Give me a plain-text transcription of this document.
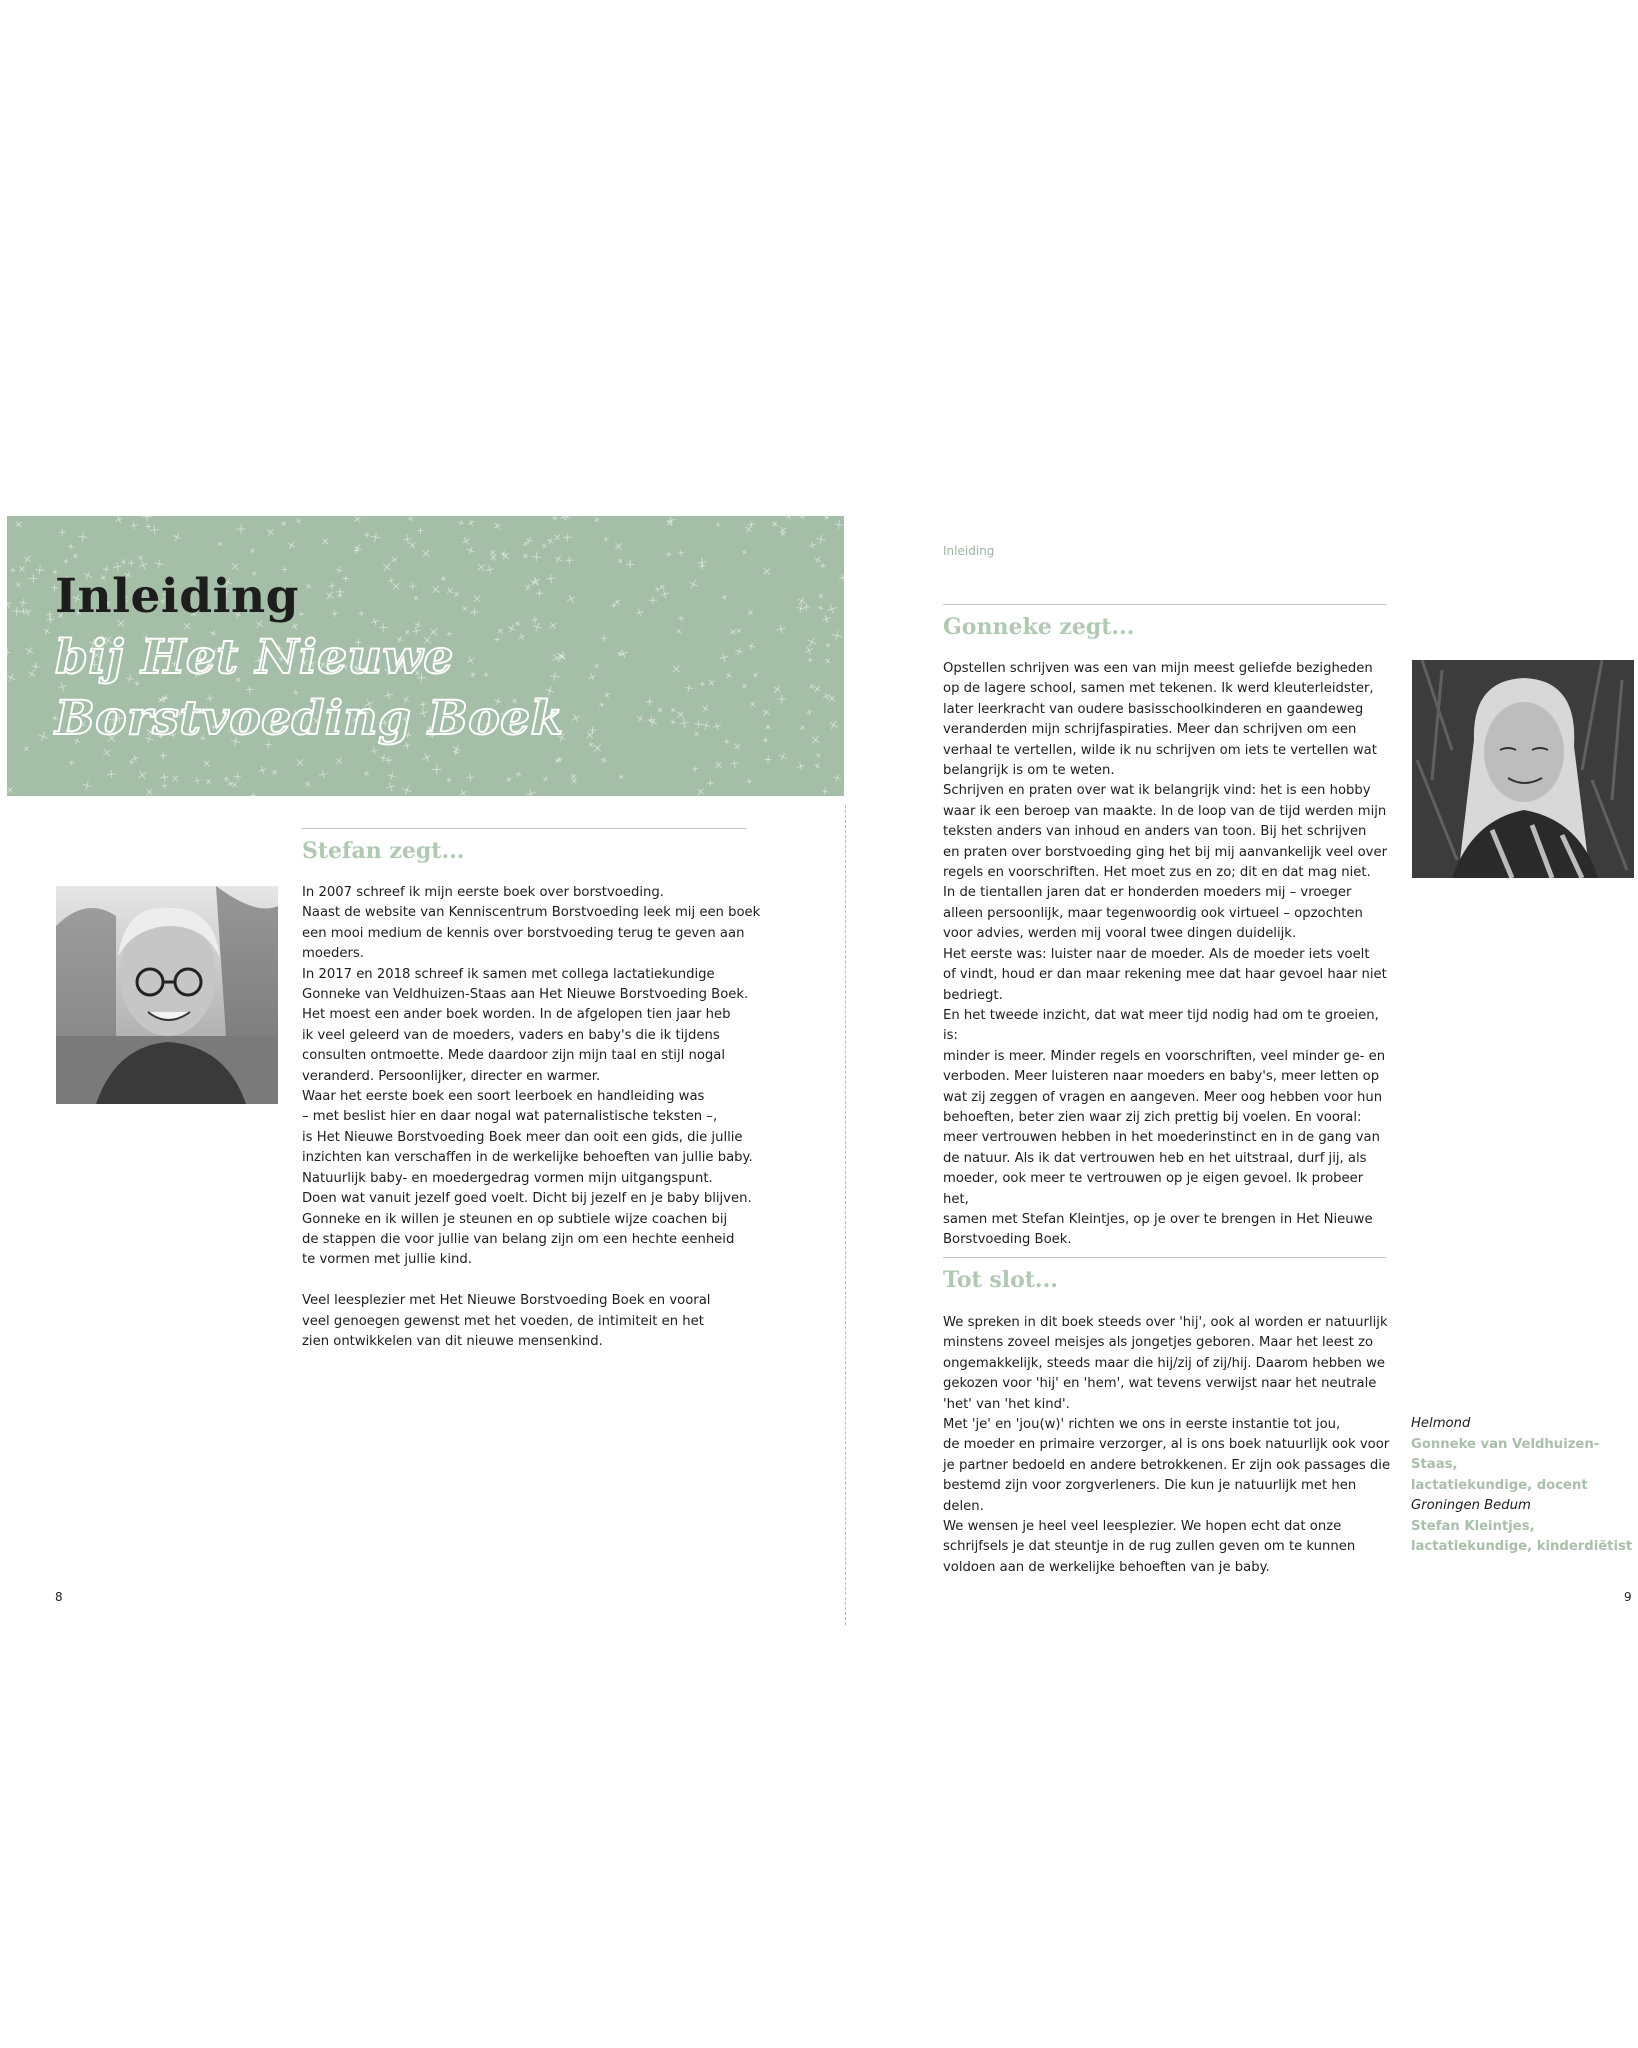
Inleiding
bij Het Nieuwe
Borstvoeding Boek
Stefan zegt...

In 2007 schreef ik mijn eerste boek over borstvoeding.

Naast de website van Kenniscentrum Borstvoeding leek mij een boek

een mooi medium de kennis over borstvoeding terug te geven aan

moeders.

In 2017 en 2018 schreef ik samen met collega lactatiekundige

Gonneke van Veldhuizen-Staas aan Het Nieuwe Borstvoeding Boek.

Het moest een ander boek worden. In de afgelopen tien jaar heb

ik veel geleerd van de moeders, vaders en baby's die ik tijdens

consulten ontmoette. Mede daardoor zijn mijn taal en stijl nogal

veranderd. Persoonlijker, directer en warmer.

Waar het eerste boek een soort leerboek en handleiding was

– met beslist hier en daar nogal wat paternalistische teksten –,

is Het Nieuwe Borstvoeding Boek meer dan ooit een gids, die jullie

inzichten kan verschaffen in de werkelijke behoeften van jullie baby.

Natuurlijk baby- en moedergedrag vormen mijn uitgangspunt.

Doen wat vanuit jezelf goed voelt. Dicht bij jezelf en je baby blijven.

Gonneke en ik willen je steunen en op subtiele wijze coachen bij

de stappen die voor jullie van belang zijn om een hechte eenheid

te vormen met jullie kind.

Veel leesplezier met Het Nieuwe Borstvoeding Boek en vooral

veel genoegen gewenst met het voeden, de intimiteit en het

zien ontwikkelen van dit nieuwe mensenkind.

8
Inleiding
Gonneke zegt...

Opstellen schrijven was een van mijn meest geliefde bezigheden

op de lagere school, samen met tekenen. Ik werd kleuterleidster,

later leerkracht van oudere basisschoolkinderen en gaandeweg

veranderden mijn schrijfaspiraties. Meer dan schrijven om een

verhaal te vertellen, wilde ik nu schrijven om iets te vertellen wat

belangrijk is om te weten.

Schrijven en praten over wat ik belangrijk vind: het is een hobby

waar ik een beroep van maakte. In de loop van de tijd werden mijn

teksten anders van inhoud en anders van toon. Bij het schrijven

en praten over borstvoeding ging het bij mij aanvankelijk veel over

regels en voorschriften. Het moet zus en zo; dit en dat mag niet.

In de tientallen jaren dat er honderden moeders mij – vroeger

alleen persoonlijk, maar tegenwoordig ook virtueel – opzochten

voor advies, werden mij vooral twee dingen duidelijk.

Het eerste was: luister naar de moeder. Als de moeder iets voelt

of vindt, houd er dan maar rekening mee dat haar gevoel haar niet

bedriegt.

En het tweede inzicht, dat wat meer tijd nodig had om te groeien, is:

minder is meer. Minder regels en voorschriften, veel minder ge- en

verboden. Meer luisteren naar moeders en baby's, meer letten op

wat zij zeggen of vragen en aangeven. Meer oog hebben voor hun

behoeften, beter zien waar zij zich prettig bij voelen. En vooral:

meer vertrouwen hebben in het moederinstinct en in de gang van

de natuur. Als ik dat vertrouwen heb en het uitstraal, durf jij, als

moeder, ook meer te vertrouwen op je eigen gevoel. Ik probeer het,

samen met Stefan Kleintjes, op je over te brengen in Het Nieuwe

Borstvoeding Boek.

Tot slot...

We spreken in dit boek steeds over 'hij', ook al worden er natuurlijk

minstens zoveel meisjes als jongetjes geboren. Maar het leest zo

ongemakkelijk, steeds maar die hij/zij of zij/hij. Daarom hebben we

gekozen voor 'hij' en 'hem', wat tevens verwijst naar het neutrale

'het' van 'het kind'.

Met 'je' en 'jou(w)' richten we ons in eerste instantie tot jou,

de moeder en primaire verzorger, al is ons boek natuurlijk ook voor

je partner bedoeld en andere betrokkenen. Er zijn ook passages die

bestemd zijn voor zorgverleners. Die kun je natuurlijk met hen delen.

We wensen je heel veel leesplezier. We hopen echt dat onze

schrijfsels je dat steuntje in de rug zullen geven om te kunnen

voldoen aan de werkelijke behoeften van je baby.

Helmond
Gonneke van Veldhuizen-Staas,
lactatiekundige, docent
Groningen Bedum
Stefan Kleintjes,
lactatiekundige, kinderdiëtist
9
